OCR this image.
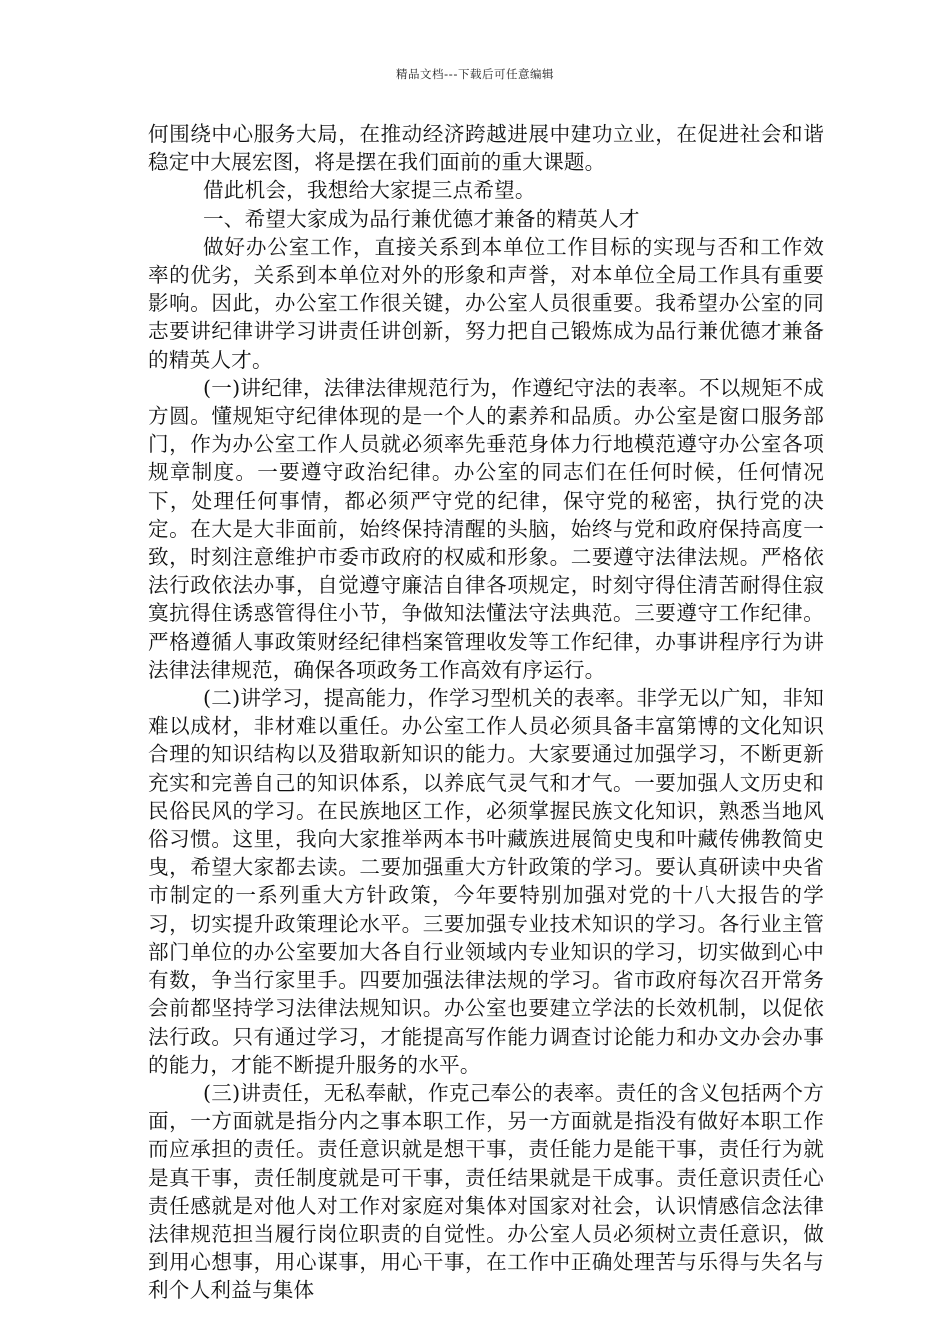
精品文档---下载后可任意编辑

何围绕中心服务大局，在推动经济跨越进展中建功立业，在促进社会和谐稳定中大展宏图，将是摆在我们面前的重大课题。

借此机会，我想给大家提三点希望。

一、希望大家成为品行兼优德才兼备的精英人才

做好办公室工作，直接关系到本单位工作目标的实现与否和工作效率的优劣，关系到本单位对外的形象和声誉，对本单位全局工作具有重要影响。因此，办公室工作很关键，办公室人员很重要。我希望办公室的同志要讲纪律讲学习讲责任讲创新，努力把自己锻炼成为品行兼优德才兼备的精英人才。

(一)讲纪律，法律法律规范行为，作遵纪守法的表率。不以规矩不成方圆。懂规矩守纪律体现的是一个人的素养和品质。办公室是窗口服务部门，作为办公室工作人员就必须率先垂范身体力行地模范遵守办公室各项规章制度。一要遵守政治纪律。办公室的同志们在任何时候，任何情况下，处理任何事情，都必须严守党的纪律，保守党的秘密，执行党的决定。在大是大非面前，始终保持清醒的头脑，始终与党和政府保持高度一致，时刻注意维护市委市政府的权威和形象。二要遵守法律法规。严格依法行政依法办事，自觉遵守廉洁自律各项规定，时刻守得住清苦耐得住寂寞抗得住诱惑管得住小节，争做知法懂法守法典范。三要遵守工作纪律。严格遵循人事政策财经纪律档案管理收发等工作纪律，办事讲程序行为讲法律法律规范，确保各项政务工作高效有序运行。

(二)讲学习，提高能力，作学习型机关的表率。非学无以广知，非知难以成材，非材难以重任。办公室工作人员必须具备丰富第博的文化知识合理的知识结构以及猎取新知识的能力。大家要通过加强学习，不断更新充实和完善自己的知识体系，以养底气灵气和才气。一要加强人文历史和民俗民风的学习。在民族地区工作，必须掌握民族文化知识，熟悉当地风俗习惯。这里，我向大家推举两本书叶藏族进展简史曳和叶藏传佛教简史曳，希望大家都去读。二要加强重大方针政策的学习。要认真研读中央省市制定的一系列重大方针政策，今年要特别加强对党的十八大报告的学习，切实提升政策理论水平。三要加强专业技术知识的学习。各行业主管部门单位的办公室要加大各自行业领域内专业知识的学习，切实做到心中有数，争当行家里手。四要加强法律法规的学习。省市政府每次召开常务会前都坚持学习法律法规知识。办公室也要建立学法的长效机制，以促依法行政。只有通过学习，才能提高写作能力调查讨论能力和办文办会办事的能力，才能不断提升服务的水平。

(三)讲责任，无私奉献，作克己奉公的表率。责任的含义包括两个方面，一方面就是指分内之事本职工作，另一方面就是指没有做好本职工作而应承担的责任。责任意识就是想干事，责任能力是能干事，责任行为就是真干事，责任制度就是可干事，责任结果就是干成事。责任意识责任心责任感就是对他人对工作对家庭对集体对国家对社会，认识情感信念法律法律规范担当履行岗位职责的自觉性。办公室人员必须树立责任意识，做到用心想事，用心谋事，用心干事，在工作中正确处理苦与乐得与失名与利个人利益与集体
